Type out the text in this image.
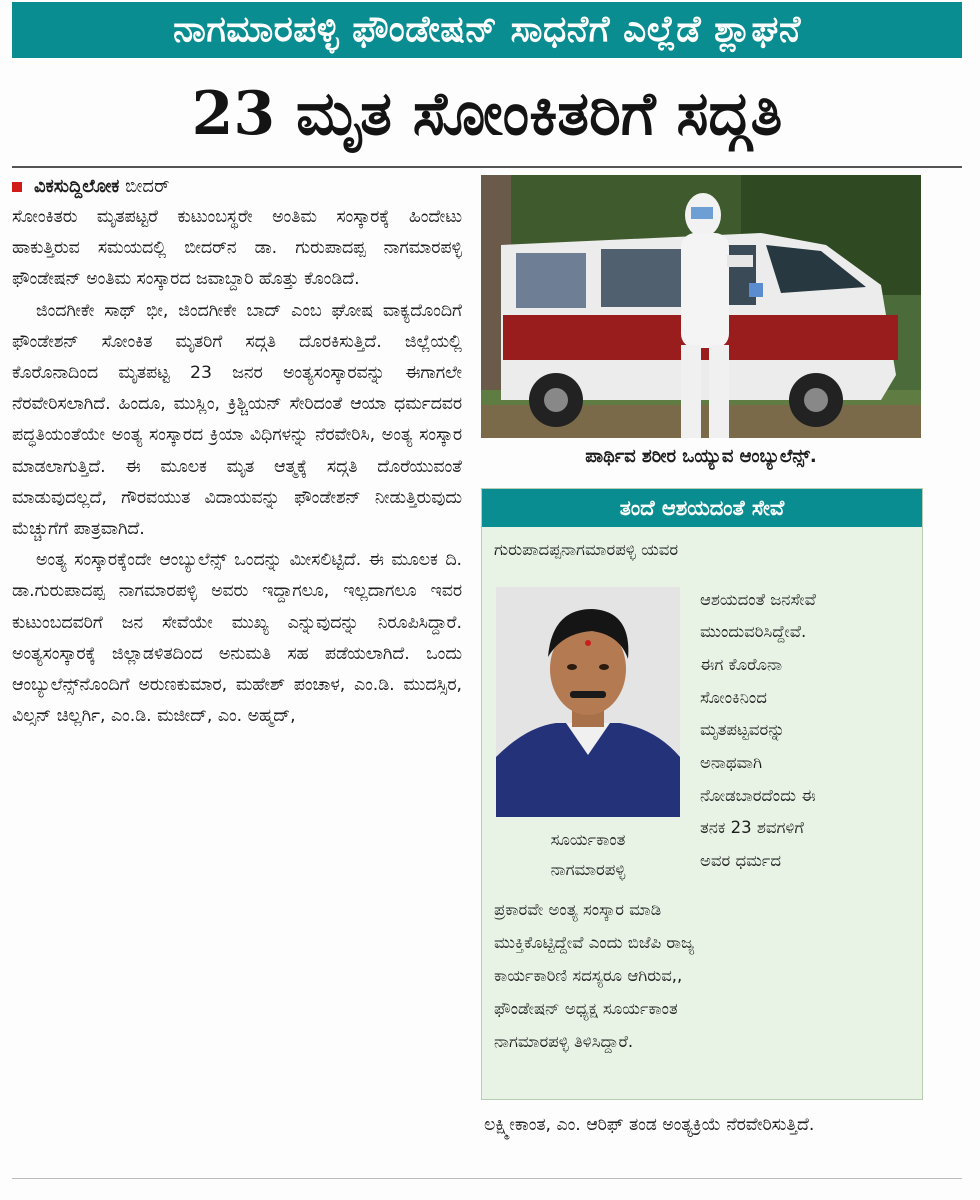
ನಾಗಮಾರಪಳ್ಳಿ ಫೌಂಡೇಷನ್ ಸಾಧನೆಗೆ ಎಲ್ಲೆಡೆ ಶ್ಲಾಘನೆ
23 ಮೃತ ಸೋಂಕಿತರಿಗೆ ಸದ್ಗತಿ
ವಿಕಸುದ್ದಿಲೋಕ ಬೀದರ್

ಸೋಂಕಿತರು ಮೃತಪಟ್ಟರೆ ಕುಟುಂಬಸ್ಥರೇ ಅಂತಿಮ ಸಂಸ್ಕಾರಕ್ಕೆ ಹಿಂದೇಟು ಹಾಕುತ್ತಿರುವ ಸಮಯದಲ್ಲಿ ಬೀದರ್‌ನ ಡಾ. ಗುರುಪಾದಪ್ಪ ನಾಗಮಾರಪಳ್ಳಿ ಫೌಂಡೇಷನ್ ಅಂತಿಮ ಸಂಸ್ಕಾರದ ಜವಾಬ್ದಾರಿ ಹೊತ್ತು ಕೊಂಡಿದೆ.

ಜಿಂದಗೀಕೇ ಸಾಥ್ ಭೀ, ಜಿಂದಗೀಕೇ ಬಾದ್ ಎಂಬ ಘೋಷ ವಾಕ್ಯದೊಂದಿಗೆ ಫೌಂಡೇಶನ್ ಸೋಂಕಿತ ಮೃತರಿಗೆ ಸದ್ಗತಿ ದೊರಕಿಸುತ್ತಿದೆ. ಜಿಲ್ಲೆಯಲ್ಲಿ ಕೊರೊನಾದಿಂದ ಮೃತಪಟ್ಟ 23 ಜನರ ಅಂತ್ಯಸಂಸ್ಕಾರವನ್ನು ಈಗಾಗಲೇ ನೆರವೇರಿಸಲಾಗಿದೆ. ಹಿಂದೂ, ಮುಸ್ಲಿಂ, ಕ್ರಿಶ್ಚಿಯನ್ ಸೇರಿದಂತೆ ಆಯಾ ಧರ್ಮದವರ ಪದ್ಧತಿಯಂತೆಯೇ ಅಂತ್ಯ ಸಂಸ್ಕಾರದ ಕ್ರಿಯಾ ವಿಧಿಗಳನ್ನು ನೆರವೇರಿಸಿ, ಅಂತ್ಯ ಸಂಸ್ಕಾರ ಮಾಡಲಾಗುತ್ತಿದೆ. ಈ ಮೂಲಕ ಮೃತ ಆತ್ಮಕ್ಕೆ ಸದ್ಗತಿ ದೊರೆಯುವಂತೆ ಮಾಡುವುದಲ್ಲದೆ, ಗೌರವಯುತ ವಿದಾಯವನ್ನು ಫೌಂಡೇಶನ್ ನೀಡುತ್ತಿರುವುದು ಮೆಚ್ಚುಗೆಗೆ ಪಾತ್ರವಾಗಿದೆ.

ಅಂತ್ಯ ಸಂಸ್ಕಾರಕ್ಕೆಂದೇ ಆಂಬ್ಯುಲೆನ್ಸ್ ಒಂದನ್ನು ಮೀಸಲಿಟ್ಟಿದೆ. ಈ ಮೂಲಕ ದಿ. ಡಾ.ಗುರುಪಾದಪ್ಪ ನಾಗಮಾರಪಳ್ಳಿ ಅವರು ಇದ್ದಾಗಲೂ, ಇಲ್ಲದಾಗಲೂ ಇವರ ಕುಟುಂಬದವರಿಗೆ ಜನ ಸೇವೆಯೇ ಮುಖ್ಯ ಎನ್ನುವುದನ್ನು ನಿರೂಪಿಸಿದ್ದಾರೆ. ಅಂತ್ಯಸಂಸ್ಕಾರಕ್ಕೆ ಜಿಲ್ಲಾಡಳಿತದಿಂದ ಅನುಮತಿ ಸಹ ಪಡೆಯಲಾಗಿದೆ. ಒಂದು ಆಂಬ್ಯುಲೆನ್ಸ್‌ನೊಂದಿಗೆ ಅರುಣಕುಮಾರ, ಮಹೇಶ್ ಪಂಚಾಳ, ಎಂ.ಡಿ. ಮುದಸ್ಸಿರ, ವಿಲ್ಸನ್ ಚಿಲ್ಲರ್ಗಿ, ಎಂ.ಡಿ. ಮಜೀದ್, ಎಂ. ಅಹ್ಮದ್,

ಪಾರ್ಥಿವ ಶರೀರ ಒಯ್ಯುವ ಆಂಬ್ಯುಲೆನ್ಸ್.
ತಂದೆ ಆಶಯದಂತೆ ಸೇವೆ
ಸೂರ್ಯಕಾಂತ
ನಾಗಮಾರಪಳ್ಳಿ
ಗುರುಪಾದಪ್ಪನಾಗಮಾರಪಳ್ಳಿ ಯವರ
ಆಶಯದಂತೆ ಜನಸೇವೆ
ಮುಂದುವರಿಸಿದ್ದೇವೆ.
ಈಗ ಕೊರೊನಾ
ಸೋಂಕಿನಿಂದ
ಮೃತಪಟ್ಟವರನ್ನು
ಅನಾಥವಾಗಿ
ನೋಡಬಾರದೆಂದು ಈ
ತನಕ 23 ಶವಗಳಿಗೆ
ಅವರ ಧರ್ಮದ
ಪ್ರಕಾರವೇ ಅಂತ್ಯ ಸಂಸ್ಕಾರ ಮಾಡಿ
ಮುಕ್ತಿಕೊಟ್ಟಿದ್ದೇವೆ ಎಂದು ಬಿಜೆಪಿ ರಾಜ್ಯ
ಕಾರ್ಯಕಾರಿಣಿ ಸದಸ್ಯರೂ ಆಗಿರುವ,,
ಫೌಂಡೇಷನ್ ಅಧ್ಯಕ್ಷ ಸೂರ್ಯಕಾಂತ
ನಾಗಮಾರಪಳ್ಳಿ ತಿಳಿಸಿದ್ದಾರೆ.

ಲಕ್ಷ್ಮೀಕಾಂತ, ಎಂ. ಆರಿಫ್ ತಂಡ ಅಂತ್ಯಕ್ರಿಯೆ ನೆರವೇರಿಸುತ್ತಿದೆ.
